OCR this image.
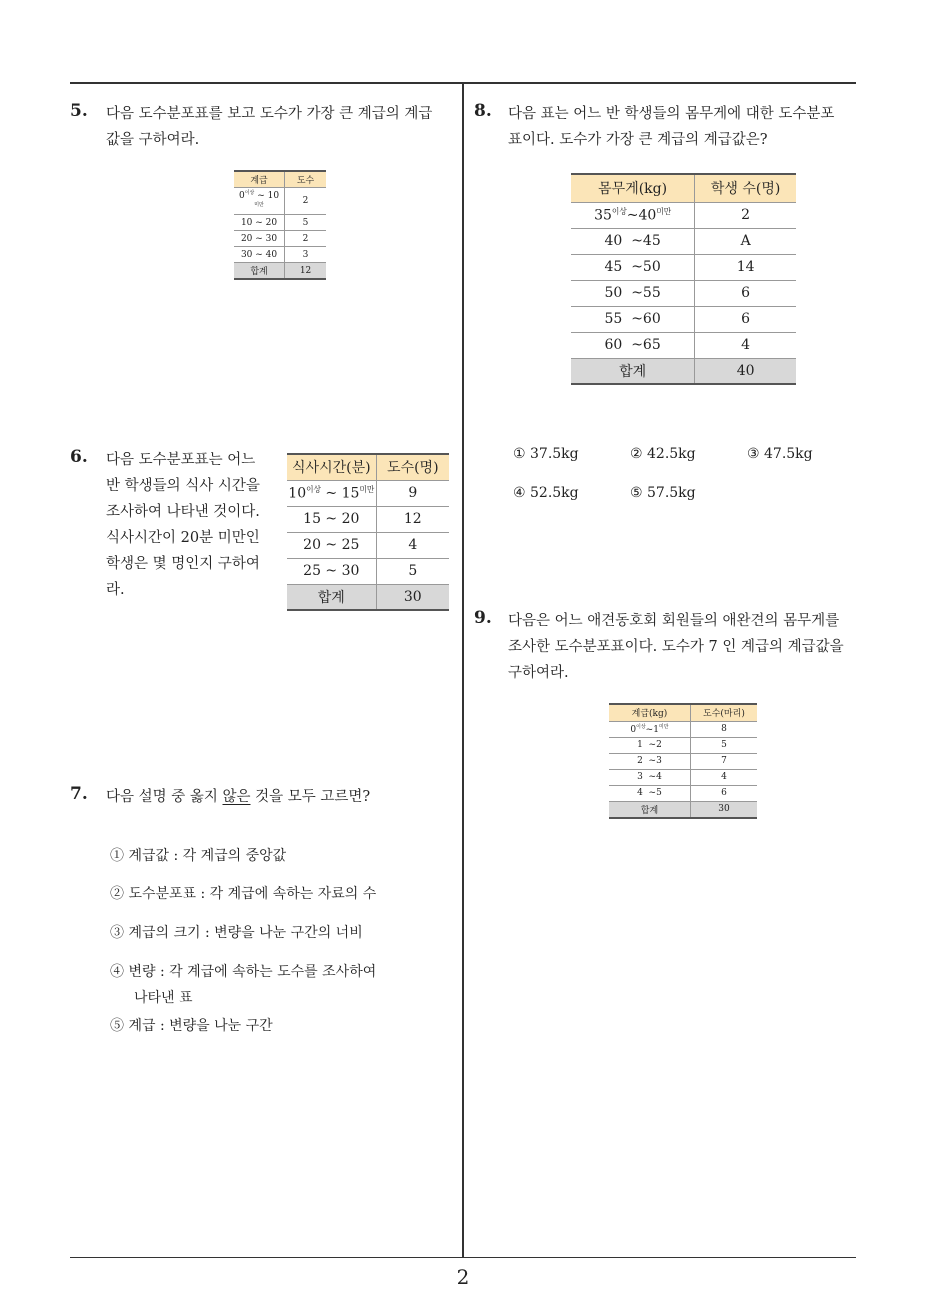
5. 다음 도수분포표를 보고 도수가 가장 큰 계급의 계급
값을 구하여라.
계급	도수
$0^{이상}$ ~ $10^{미만}$	2
10 ~ 20	5
20 ~ 30	2
30 ~ 40	3
합계	12
6. 다음 도수분포표는 어느
반 학생들의 식사 시간을
조사하여 나타낸 것이다.
식사시간이 20분 미만인
학생은 몇 명인지 구하여
라.
식사시간(분)	도수(명)
$10^{이상}$ ~ $15^{미만}$	9
15 ~ 20	12
20 ~ 25	4
25 ~ 30	5
합계	30
7. 다음 설명 중 옳지 않은 것을 모두 고르면?
① 계급값 : 각 계급의 중앙값
② 도수분포표 : 각 계급에 속하는 자료의 수
③ 계급의 크기 : 변량을 나눈 구간의 너비
④ 변량 : 각 계급에 속하는 도수를 조사하여
나타낸 표
⑤ 계급 : 변량을 나눈 구간
8. 다음 표는 어느 반 학생들의 몸무게에 대한 도수분포
표이다. 도수가 가장 큰 계급의 계급값은?
몸무게(kg)	학생 수(명)
$35^{이상}\sim 40^{미만}$	2
40  ~45	A
45  ~50	14
50  ~55	6
55  ~60	6
60  ~65	4
합계	40
① 37.5kg	② 42.5kg	③ 47.5kg
④ 52.5kg	⑤ 57.5kg
9. 다음은 어느 애견동호회 회원들의 애완견의 몸무게를
조사한 도수분포표이다. 도수가 7 인 계급의 계급값을
구하여라.
계급(kg)	도수(마리)
$0^{이상}\sim 1^{미만}$	8
1  ~2	5
2  ~3	7
3  ~4	4
4  ~5	6
합계	30
2
